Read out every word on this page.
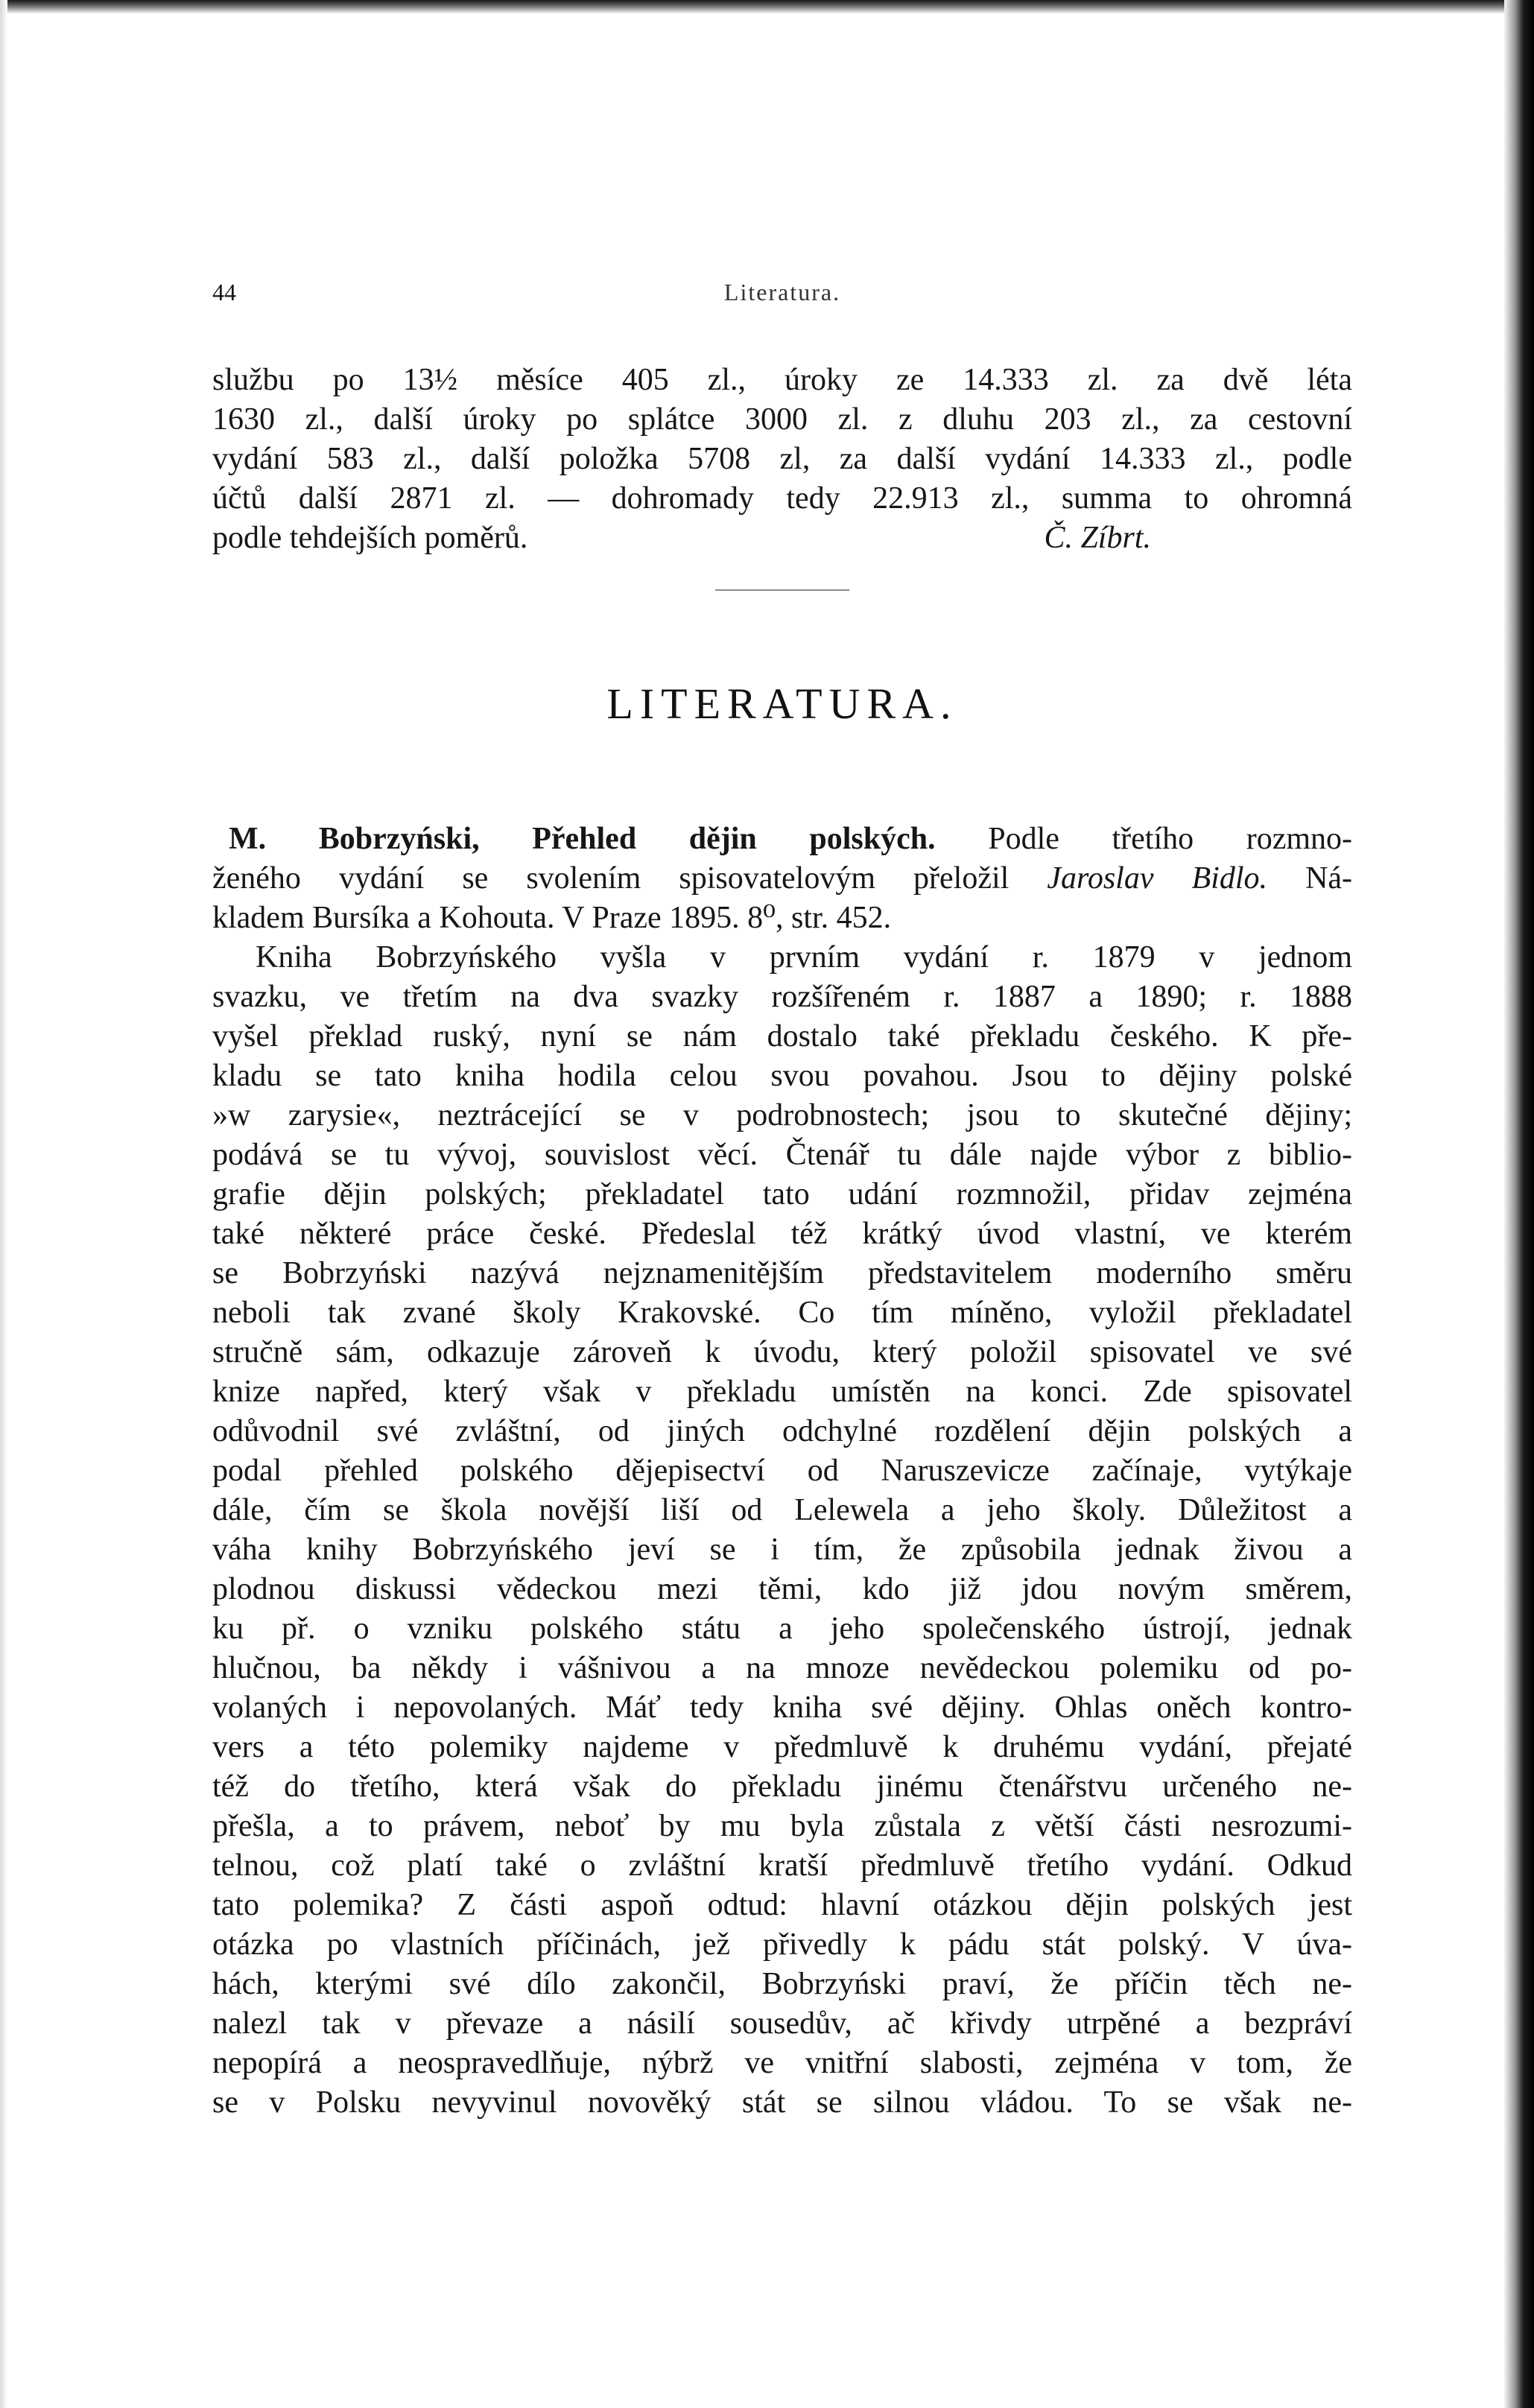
44	Literatura.
službu po 13½ měsíce 405 zl., úroky ze 14.333 zl. za dvě léta
1630 zl., další úroky po splátce 3000 zl. z dluhu 203 zl., za cestovní
vydání 583 zl., další položka 5708 zl, za další vydání 14.333 zl., podle
účtů další 2871 zl. — dohromady tedy 22.913 zl., summa to ohromná
podle tehdejších poměrů.	Č. Zíbrt.
LITERATURA.
M. Bobrzyński, Přehled dějin polských. Podle třetího rozmno-
ženého vydání se svolením spisovatelovým přeložil Jaroslav Bidlo. Ná-
kladem Bursíka a Kohouta. V Praze 1895. 8⁰, str. 452.
Kniha Bobrzyńského vyšla v prvním vydání r. 1879 v jednom
svazku, ve třetím na dva svazky rozšířeném r. 1887 a 1890; r. 1888
vyšel překlad ruský, nyní se nám dostalo také překladu českého. K pře-
kladu se tato kniha hodila celou svou povahou. Jsou to dějiny polské
»w zarysie«, neztrácející se v podrobnostech; jsou to skutečné dějiny;
podává se tu vývoj, souvislost věcí. Čtenář tu dále najde výbor z biblio-
grafie dějin polských; překladatel tato udání rozmnožil, přidav zejména
také některé práce české. Předeslal též krátký úvod vlastní, ve kterém
se Bobrzyński nazývá nejznamenitějším představitelem moderního směru
neboli tak zvané školy Krakovské. Co tím míněno, vyložil překladatel
stručně sám, odkazuje zároveň k úvodu, který položil spisovatel ve své
knize napřed, který však v překladu umístěn na konci. Zde spisovatel
odůvodnil své zvláštní, od jiných odchylné rozdělení dějin polských a
podal přehled polského dějepisectví od Naruszevicze začínaje, vytýkaje
dále, čím se škola novější liší od Lelewela a jeho školy. Důležitost a
váha knihy Bobrzyńského jeví se i tím, že způsobila jednak živou a
plodnou diskussi vědeckou mezi těmi, kdo již jdou novým směrem,
ku př. o vzniku polského státu a jeho společenského ústrojí, jednak
hlučnou, ba někdy i vášnivou a na mnoze nevědeckou polemiku od po-
volaných i nepovolaných. Máť tedy kniha své dějiny. Ohlas oněch kontro-
vers a této polemiky najdeme v předmluvě k druhému vydání, přejaté
též do třetího, která však do překladu jinému čtenářstvu určeného ne-
přešla, a to právem, neboť by mu byla zůstala z větší části nesrozumi-
telnou, což platí také o zvláštní kratší předmluvě třetího vydání. Odkud
tato polemika? Z části aspoň odtud: hlavní otázkou dějin polských jest
otázka po vlastních příčinách, jež přivedly k pádu stát polský. V úva-
hách, kterými své dílo zakončil, Bobrzyński praví, že příčin těch ne-
nalezl tak v převaze a násilí sousedův, ač křivdy utrpěné a bezpráví
nepopírá a neospravedlňuje, nýbrž ve vnitřní slabosti, zejména v tom, že
se v Polsku nevyvinul novověký stát se silnou vládou. To se však ne-
